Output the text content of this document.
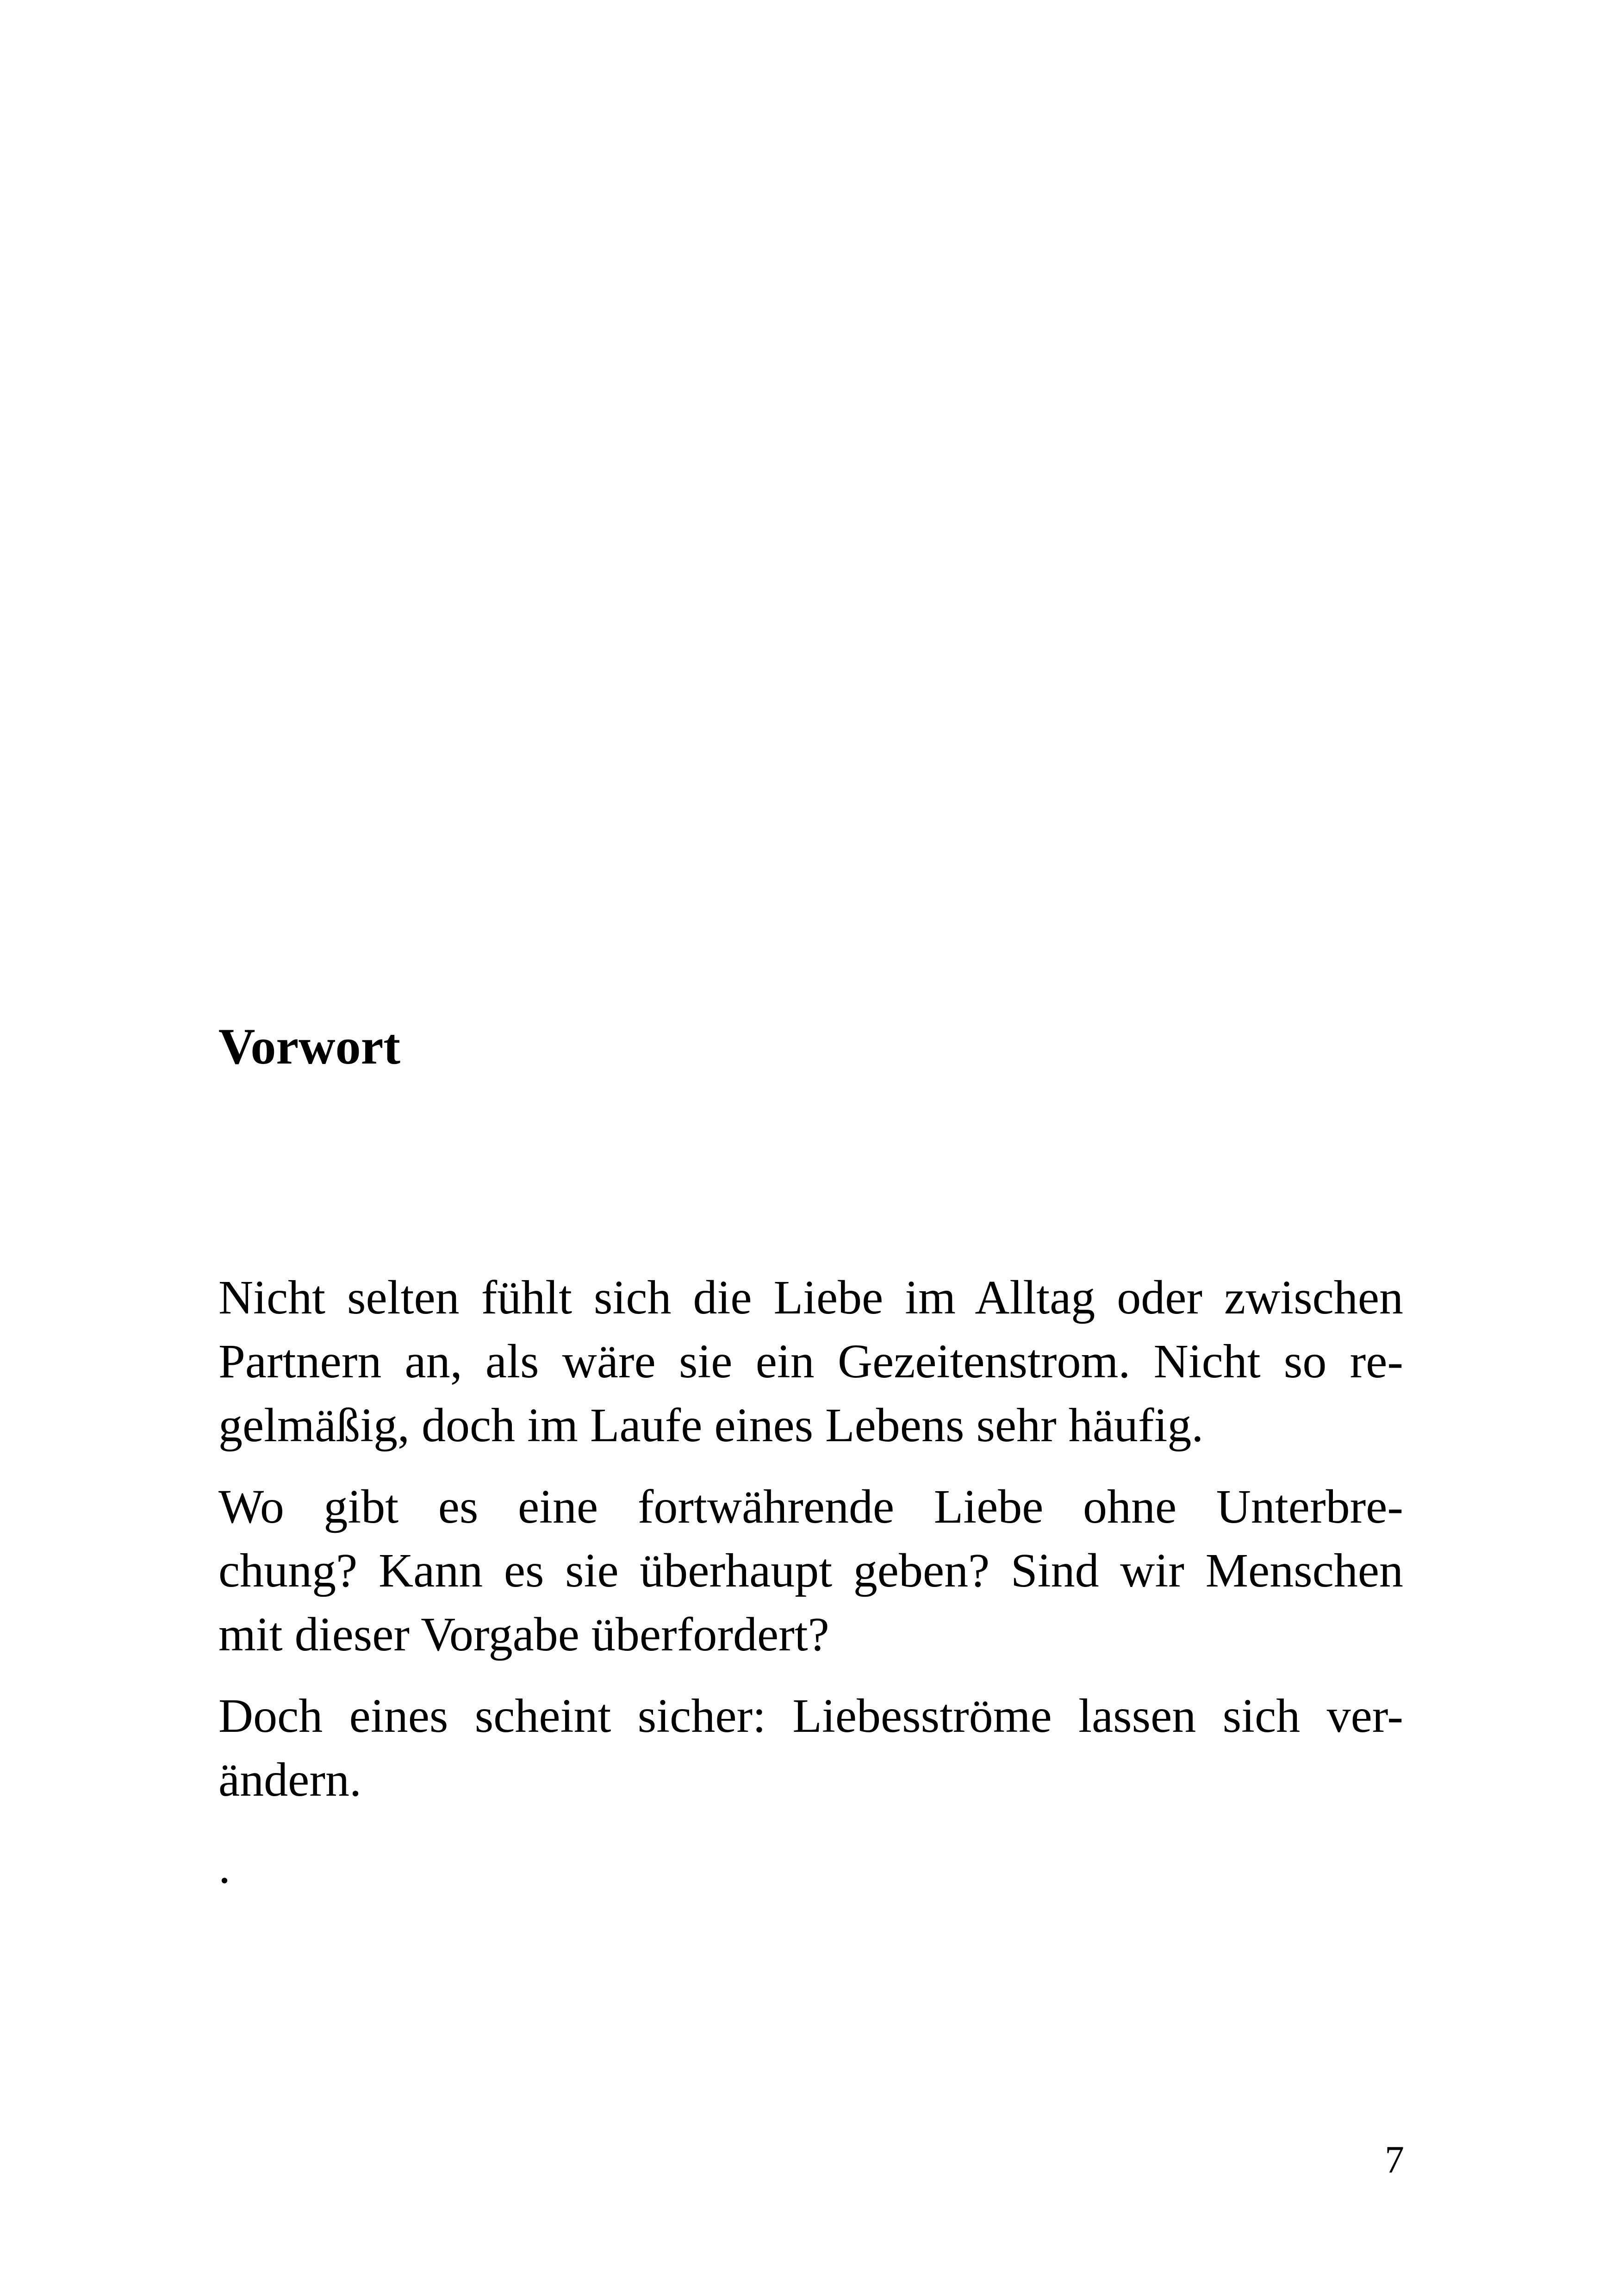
Vorwort

Nicht selten fühlt sich die Liebe im Alltag oder zwischen
Partnern an, als wäre sie ein Gezeitenstrom. Nicht so re-
gelmäßig, doch im Laufe eines Lebens sehr häufig.

Wo gibt es eine fortwährende Liebe ohne Unterbre-
chung? Kann es sie überhaupt geben? Sind wir Menschen
mit dieser Vorgabe überfordert?

Doch eines scheint sicher: Liebesströme lassen sich ver-
ändern.

.

7
